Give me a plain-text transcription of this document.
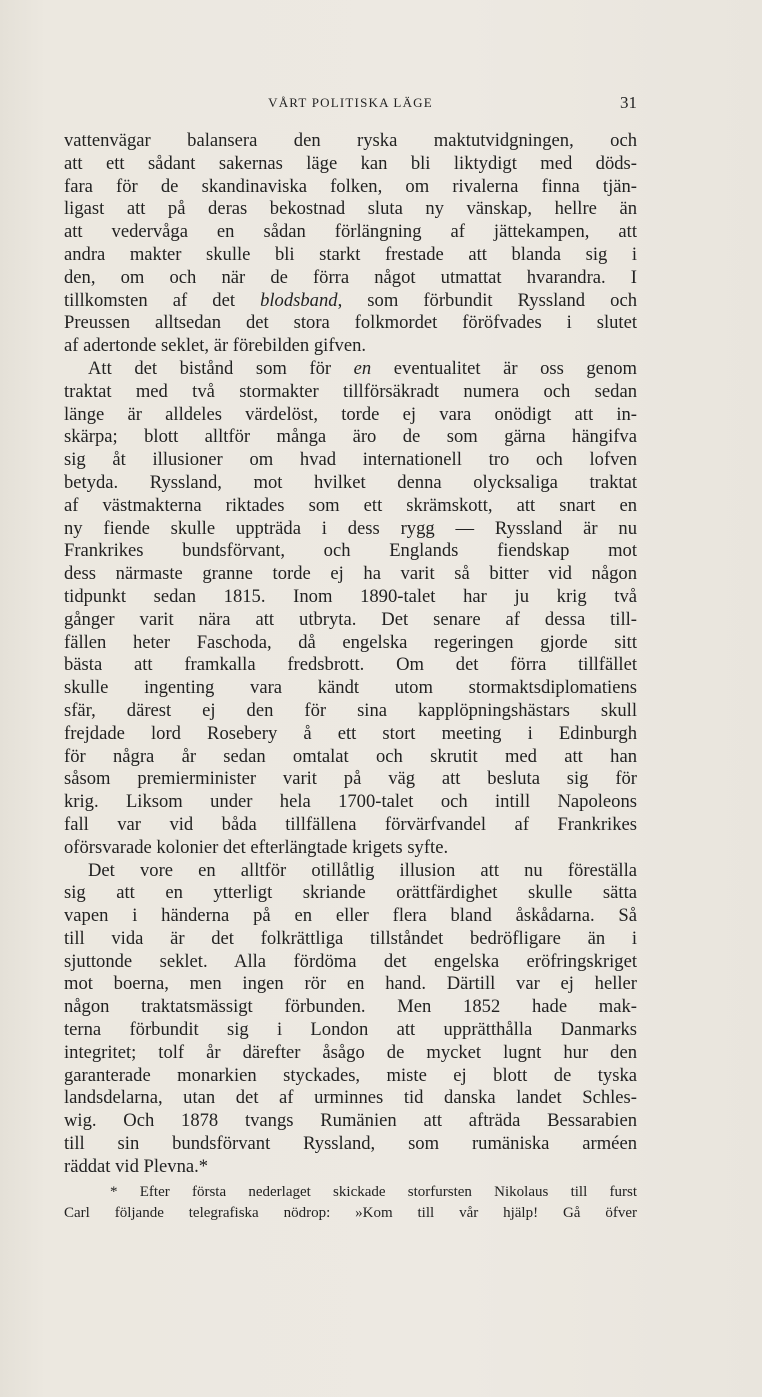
VÅRT POLITISKA LÄGE	31
vattenvägar balansera den ryska maktutvidgningen, och
att ett sådant sakernas läge kan bli liktydigt med döds-
fara för de skandinaviska folken, om rivalerna finna tjän-
ligast att på deras bekostnad sluta ny vänskap, hellre än
att vedervåga en sådan förlängning af jättekampen, att
andra makter skulle bli starkt frestade att blanda sig i
den, om och när de förra något utmattat hvarandra. I
tillkomsten af det blodsband, som förbundit Ryssland och
Preussen alltsedan det stora folkmordet föröfvades i slutet
af adertonde seklet, är förebilden gifven.
Att det bistånd som för en eventualitet är oss genom
traktat med två stormakter tillförsäkradt numera och sedan
länge är alldeles värdelöst, torde ej vara onödigt att in-
skärpa; blott alltför många äro de som gärna hängifva
sig åt illusioner om hvad internationell tro och lofven
betyda. Ryssland, mot hvilket denna olycksaliga traktat
af västmakterna riktades som ett skrämskott, att snart en
ny fiende skulle uppträda i dess rygg — Ryssland är nu
Frankrikes bundsförvant, och Englands fiendskap mot
dess närmaste granne torde ej ha varit så bitter vid någon
tidpunkt sedan 1815. Inom 1890-talet har ju krig två
gånger varit nära att utbryta. Det senare af dessa till-
fällen heter Faschoda, då engelska regeringen gjorde sitt
bästa att framkalla fredsbrott. Om det förra tillfället
skulle ingenting vara kändt utom stormaktsdiplomatiens
sfär, därest ej den för sina kapplöpningshästars skull
frejdade lord Rosebery å ett stort meeting i Edinburgh
för några år sedan omtalat och skrutit med att han
såsom premierminister varit på väg att besluta sig för
krig. Liksom under hela 1700-talet och intill Napoleons
fall var vid båda tillfällena förvärfvandel af Frankrikes
oförsvarade kolonier det efterlängtade krigets syfte.
Det vore en alltför otillåtlig illusion att nu föreställa
sig att en ytterligt skriande orättfärdighet skulle sätta
vapen i händerna på en eller flera bland åskådarna. Så
till vida är det folkrättliga tillståndet bedröfligare än i
sjuttonde seklet. Alla fördöma det engelska eröfringskriget
mot boerna, men ingen rör en hand. Därtill var ej heller
någon traktatsmässigt förbunden. Men 1852 hade mak-
terna förbundit sig i London att upprätthålla Danmarks
integritet; tolf år därefter åsågo de mycket lugnt hur den
garanterade monarkien styckades, miste ej blott de tyska
landsdelarna, utan det af urminnes tid danska landet Schles-
wig. Och 1878 tvangs Rumänien att afträda Bessarabien
till sin bundsförvant Ryssland, som rumäniska arméen
räddat vid Plevna.*
* Efter första nederlaget skickade storfursten Nikolaus till furst
Carl följande telegrafiska nödrop: »Kom till vår hjälp! Gå öfver
